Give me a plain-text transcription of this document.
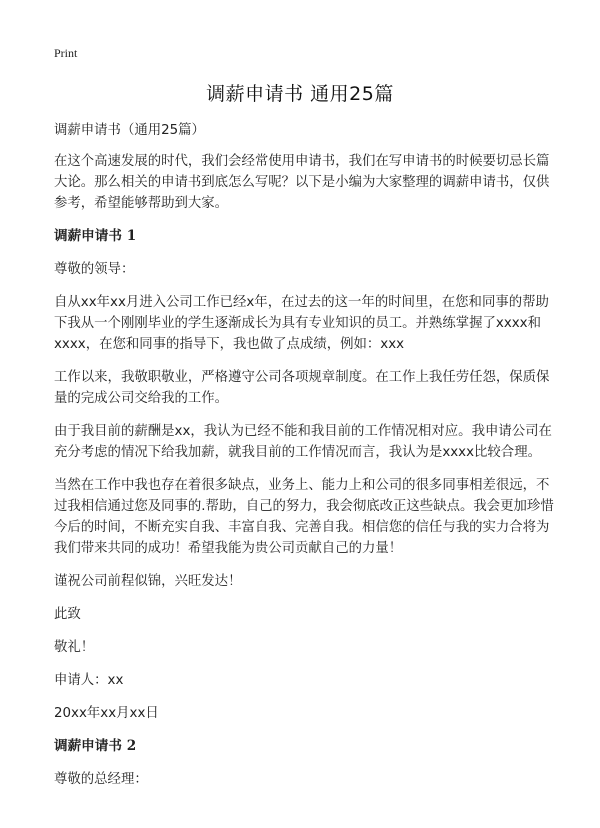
Print
调薪申请书 通用25篇

调薪申请书（通用25篇）

在这个高速发展的时代，我们会经常使用申请书，我们在写申请书的时候要切忌长篇大论。那么相关的申请书到底怎么写呢？以下是小编为大家整理的调薪申请书，仅供参考，希望能够帮助到大家。

调薪申请书 1

尊敬的领导：

自从xx年xx月进入公司工作已经x年，在过去的这一年的时间里，在您和同事的帮助下我从一个刚刚毕业的学生逐渐成长为具有专业知识的员工。并熟练掌握了xxxx和xxxx，在您和同事的指导下，我也做了点成绩，例如：xxx

工作以来，我敬职敬业，严格遵守公司各项规章制度。在工作上我任劳任怨，保质保量的完成公司交给我的工作。

由于我目前的薪酬是xx，我认为已经不能和我目前的工作情况相对应。我申请公司在充分考虑的情况下给我加薪，就我目前的工作情况而言，我认为是xxxx比较合理。

当然在工作中我也存在着很多缺点，业务上、能力上和公司的很多同事相差很远，不过我相信通过您及同事的.帮助，自己的努力，我会彻底改正这些缺点。我会更加珍惜今后的时间，不断充实自我、丰富自我、完善自我。相信您的信任与我的实力合将为我们带来共同的成功！希望我能为贵公司贡献自己的力量！

谨祝公司前程似锦，兴旺发达！

此致

敬礼！

申请人：xx

20xx年xx月xx日

调薪申请书 2

尊敬的总经理：
